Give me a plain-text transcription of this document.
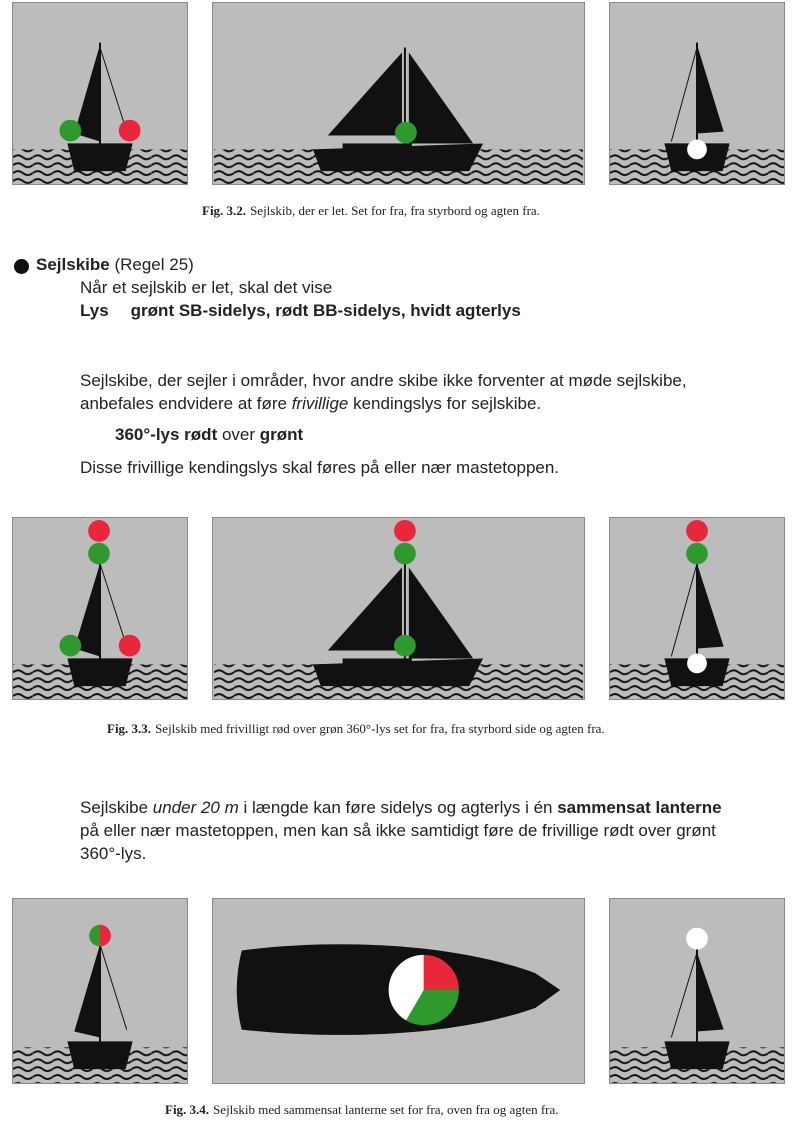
Fig. 3.2. Sejlskib, der er let. Set for fra, fra styrbord og agten fra.
Sejlskibe (Regel 25)
Når et sejlskib er let, skal det vise
Lys grønt SB-sidelys, rødt BB-sidelys, hvidt agterlys
Sejlskibe, der sejler i områder, hvor andre skibe ikke forventer at møde sejlskibe,
anbefales endvidere at føre frivillige kendingslys for sejlskibe.
360°-lys rødt over grønt
Disse frivillige kendingslys skal føres på eller nær mastetoppen.
Fig. 3.3. Sejlskib med frivilligt rød over grøn 360°-lys set for fra, fra styrbord side og agten fra.
Sejlskibe under 20 m i længde kan føre sidelys og agterlys i én sammensat lanterne
på eller nær mastetoppen, men kan så ikke samtidigt føre de frivillige rødt over grønt
360°-lys.
Fig. 3.4. Sejlskib med sammensat lanterne set for fra, oven fra og agten fra.
